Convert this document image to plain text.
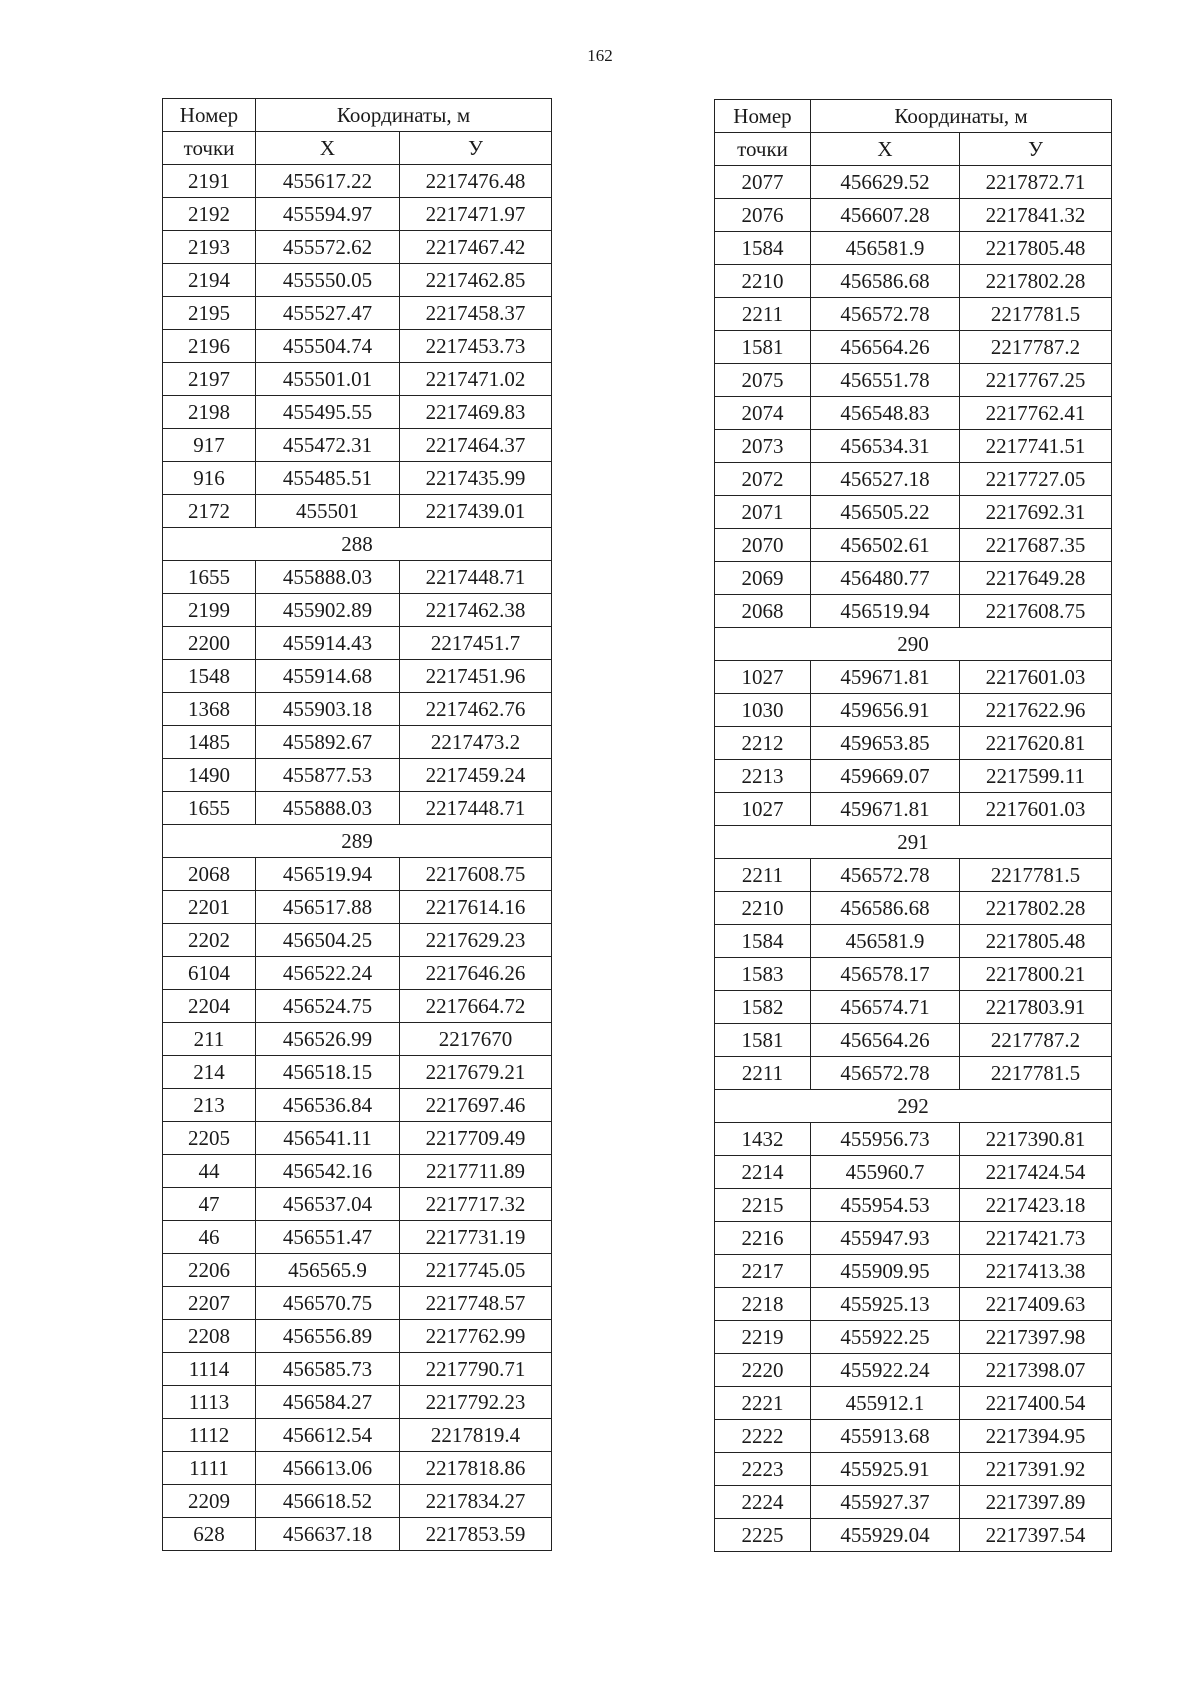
162
Номер	Координаты, м	
точки	X	У
2191	455617.22	2217476.48
2192	455594.97	2217471.97
2193	455572.62	2217467.42
2194	455550.05	2217462.85
2195	455527.47	2217458.37
2196	455504.74	2217453.73
2197	455501.01	2217471.02
2198	455495.55	2217469.83
917	455472.31	2217464.37
916	455485.51	2217435.99
2172	455501	2217439.01
288		
1655	455888.03	2217448.71
2199	455902.89	2217462.38
2200	455914.43	2217451.7
1548	455914.68	2217451.96
1368	455903.18	2217462.76
1485	455892.67	2217473.2
1490	455877.53	2217459.24
1655	455888.03	2217448.71
289		
2068	456519.94	2217608.75
2201	456517.88	2217614.16
2202	456504.25	2217629.23
6104	456522.24	2217646.26
2204	456524.75	2217664.72
211	456526.99	2217670
214	456518.15	2217679.21
213	456536.84	2217697.46
2205	456541.11	2217709.49
44	456542.16	2217711.89
47	456537.04	2217717.32
46	456551.47	2217731.19
2206	456565.9	2217745.05
2207	456570.75	2217748.57
2208	456556.89	2217762.99
1114	456585.73	2217790.71
1113	456584.27	2217792.23
1112	456612.54	2217819.4
1111	456613.06	2217818.86
2209	456618.52	2217834.27
628	456637.18	2217853.59
Номер	Координаты, м	
точки	X	У
2077	456629.52	2217872.71
2076	456607.28	2217841.32
1584	456581.9	2217805.48
2210	456586.68	2217802.28
2211	456572.78	2217781.5
1581	456564.26	2217787.2
2075	456551.78	2217767.25
2074	456548.83	2217762.41
2073	456534.31	2217741.51
2072	456527.18	2217727.05
2071	456505.22	2217692.31
2070	456502.61	2217687.35
2069	456480.77	2217649.28
2068	456519.94	2217608.75
290		
1027	459671.81	2217601.03
1030	459656.91	2217622.96
2212	459653.85	2217620.81
2213	459669.07	2217599.11
1027	459671.81	2217601.03
291		
2211	456572.78	2217781.5
2210	456586.68	2217802.28
1584	456581.9	2217805.48
1583	456578.17	2217800.21
1582	456574.71	2217803.91
1581	456564.26	2217787.2
2211	456572.78	2217781.5
292		
1432	455956.73	2217390.81
2214	455960.7	2217424.54
2215	455954.53	2217423.18
2216	455947.93	2217421.73
2217	455909.95	2217413.38
2218	455925.13	2217409.63
2219	455922.25	2217397.98
2220	455922.24	2217398.07
2221	455912.1	2217400.54
2222	455913.68	2217394.95
2223	455925.91	2217391.92
2224	455927.37	2217397.89
2225	455929.04	2217397.54
